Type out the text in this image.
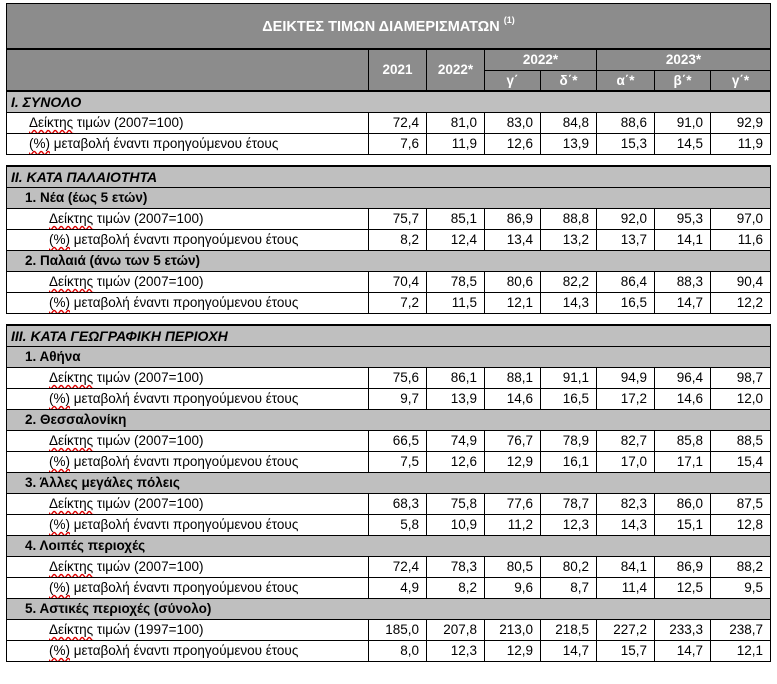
ΔΕΙΚΤΕΣ ΤΙΜΩΝ ΔΙΑΜΕΡΙΣΜΑΤΩΝ $^{(1)}$
	2021	2022*	2022*		2023*		
			γ΄	δ΄*	α΄*	β΄*	γ΄*
Ι. ΣΥΝΟΛΟ							
Δείκτης τιμών (2007=100)	72,4	81,0	83,0	84,8	88,6	91,0	92,9
(%) μεταβολή έναντι προηγούμενου έτους	7,6	11,9	12,6	13,9	15,3	14,5	11,9

ΙΙ. ΚΑΤΑ ΠΑΛΑΙΟΤΗΤΑ							
1. Νέα (έως 5 ετών)							
Δείκτης τιμών (2007=100)	75,7	85,1	86,9	88,8	92,0	95,3	97,0
(%) μεταβολή έναντι προηγούμενου έτους	8,2	12,4	13,4	13,2	13,7	14,1	11,6
2. Παλαιά (άνω των 5 ετών)							
Δείκτης τιμών (2007=100)	70,4	78,5	80,6	82,2	86,4	88,3	90,4
(%) μεταβολή έναντι προηγούμενου έτους	7,2	11,5	12,1	14,3	16,5	14,7	12,2

ΙΙΙ. ΚΑΤΑ ΓΕΩΓΡΑΦΙΚΗ ΠΕΡΙΟΧΗ							
1. Αθήνα							
Δείκτης τιμών (2007=100)	75,6	86,1	88,1	91,1	94,9	96,4	98,7
(%) μεταβολή έναντι προηγούμενου έτους	9,7	13,9	14,6	16,5	17,2	14,6	12,0
2. Θεσσαλονίκη							
Δείκτης τιμών (2007=100)	66,5	74,9	76,7	78,9	82,7	85,8	88,5
(%) μεταβολή έναντι προηγούμενου έτους	7,5	12,6	12,9	16,1	17,0	17,1	15,4
3. Άλλες μεγάλες πόλεις							
Δείκτης τιμών (2007=100)	68,3	75,8	77,6	78,7	82,3	86,0	87,5
(%) μεταβολή έναντι προηγούμενου έτους	5,8	10,9	11,2	12,3	14,3	15,1	12,8
4. Λοιπές περιοχές							
Δείκτης τιμών (2007=100)	72,4	78,3	80,5	80,2	84,1	86,9	88,2
(%) μεταβολή έναντι προηγούμενου έτους	4,9	8,2	9,6	8,7	11,4	12,5	9,5
5. Αστικές περιοχές (σύνολο)							
Δείκτης τιμών (1997=100)	185,0	207,8	213,0	218,5	227,2	233,3	238,7
(%) μεταβολή έναντι προηγούμενου έτους	8,0	12,3	12,9	14,7	15,7	14,7	12,1
